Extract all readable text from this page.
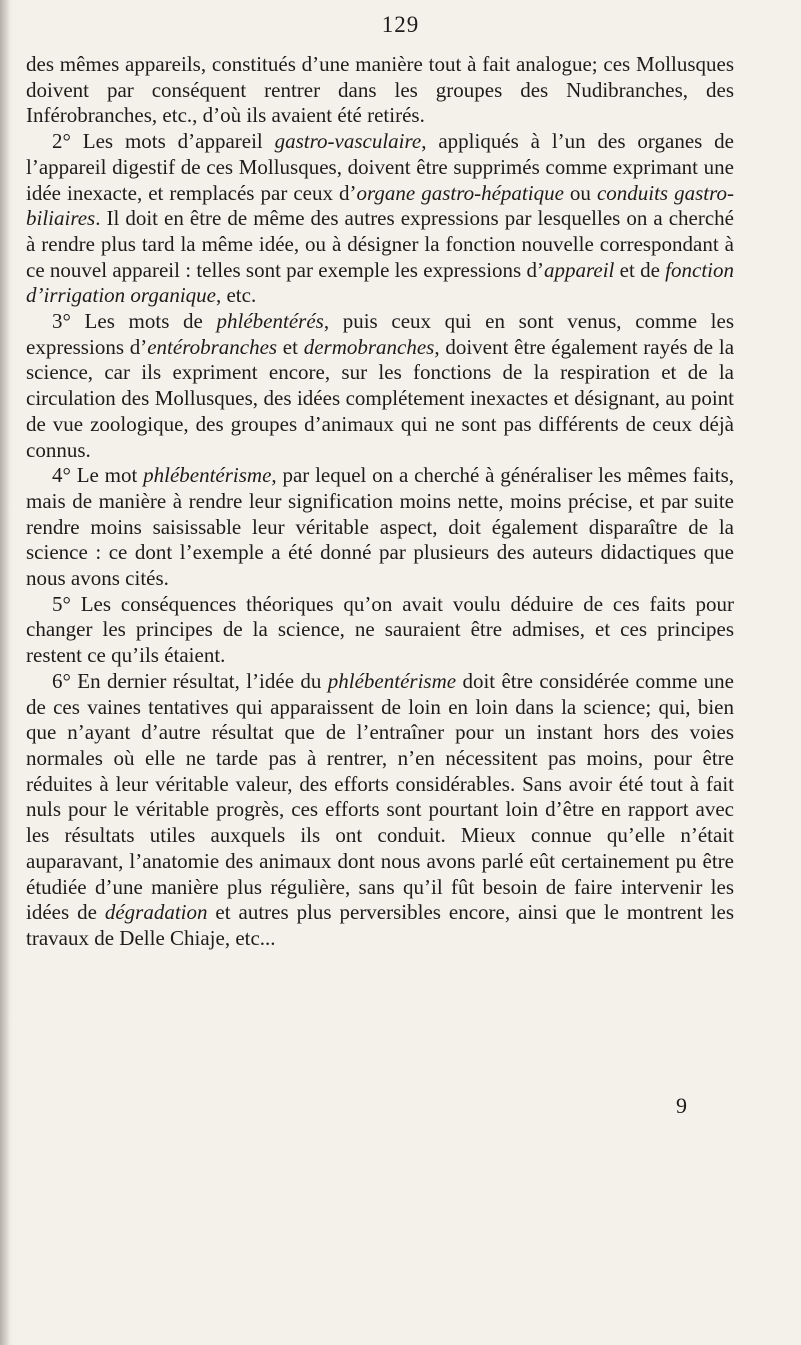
129

des mêmes appareils, constitués d’une manière tout à fait analogue; ces Mollusques doivent par conséquent rentrer dans les groupes des Nudibranches, des Inférobranches, etc., d’où ils avaient été retirés.

2° Les mots d’appareil gastro-vasculaire, appliqués à l’un des organes de l’appareil digestif de ces Mollusques, doivent être supprimés comme exprimant une idée inexacte, et remplacés par ceux d’organe gastro-hépatique ou conduits gastro-biliaires. Il doit en être de même des autres expressions par lesquelles on a cherché à rendre plus tard la même idée, ou à désigner la fonction nouvelle correspondant à ce nouvel appareil : telles sont par exemple les expressions d’appareil et de fonction d’irrigation organique, etc.

3° Les mots de phlébentérés, puis ceux qui en sont venus, comme les expressions d’entérobranches et dermobranches, doivent être également rayés de la science, car ils expriment encore, sur les fonctions de la respiration et de la circulation des Mollusques, des idées complétement inexactes et désignant, au point de vue zoologique, des groupes d’animaux qui ne sont pas différents de ceux déjà connus.

4° Le mot phlébentérisme, par lequel on a cherché à généraliser les mêmes faits, mais de manière à rendre leur signification moins nette, moins précise, et par suite rendre moins saisissable leur véritable aspect, doit également disparaître de la science : ce dont l’exemple a été donné par plusieurs des auteurs didactiques que nous avons cités.

5° Les conséquences théoriques qu’on avait voulu déduire de ces faits pour changer les principes de la science, ne sauraient être admises, et ces principes restent ce qu’ils étaient.

6° En dernier résultat, l’idée du phlébentérisme doit être considérée comme une de ces vaines tentatives qui apparaissent de loin en loin dans la science; qui, bien que n’ayant d’autre résultat que de l’entraîner pour un instant hors des voies normales où elle ne tarde pas à rentrer, n’en nécessitent pas moins, pour être réduites à leur véritable valeur, des efforts considérables. Sans avoir été tout à fait nuls pour le véritable progrès, ces efforts sont pourtant loin d’être en rapport avec les résultats utiles auxquels ils ont conduit. Mieux connue qu’elle n’était auparavant, l’anatomie des animaux dont nous avons parlé eût certainement pu être étudiée d’une manière plus régulière, sans qu’il fût besoin de faire intervenir les idées de dégradation et autres plus perversibles encore, ainsi que le montrent les travaux de Delle Chiaje, etc...

9
